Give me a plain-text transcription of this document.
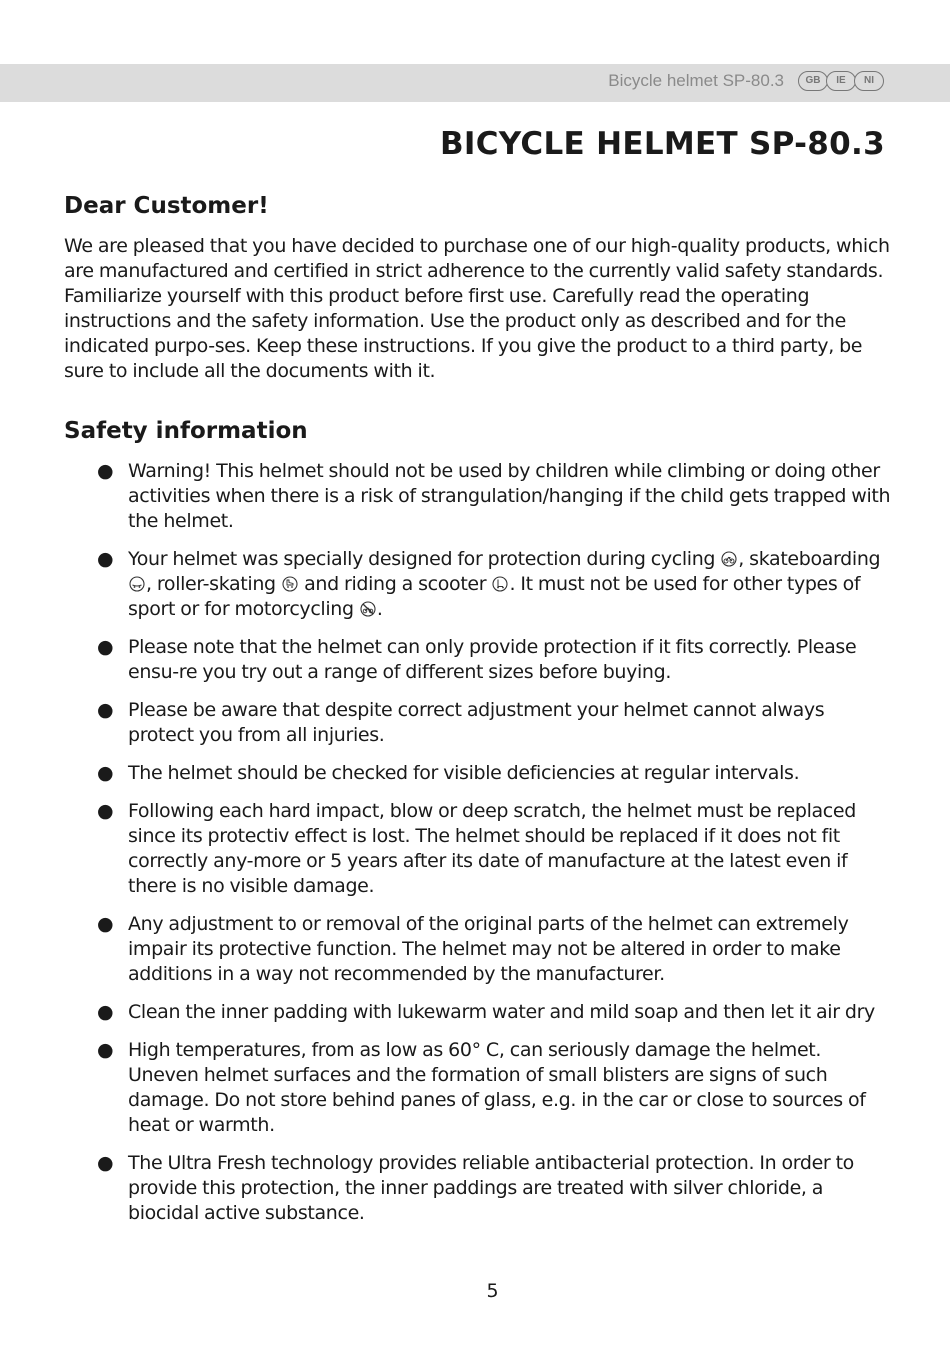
Bicycle helmet SP-80.3	GB	IE	NI
BICYCLE HELMET SP-80.3
Dear Customer!

We are pleased that you have decided to purchase one of our high-quality products, which are manufactured and certified in strict adherence to the currently valid safety standards. Familiarize yourself with this product before first use. Carefully read the operating instructions and the safety information. Use the product only as described and for the indicated purpo-ses. Keep these instructions. If you give the product to a third party, be sure to include all the documents with it.

Safety information
● Warning! This helmet should not be used by children while climbing or doing other activities when there is a risk of strangulation/hanging if the child gets trapped with the helmet.
● Your helmet was specially designed for protection during cycling , skateboarding , roller-skating  and riding a scooter . It must not be used for other types of sport or for motorcycling .
● Please note that the helmet can only provide protection if it fits correctly. Please ensu-re you try out a range of different sizes before buying.
● Please be aware that despite correct adjustment your helmet cannot always protect you from all injuries.
● The helmet should be checked for visible deficiencies at regular intervals.
● Following each hard impact, blow or deep scratch, the helmet must be replaced since its protectiv effect is lost. The helmet should be replaced if it does not fit correctly any-more or 5 years after its date of manufacture at the latest even if there is no visible damage.
● Any adjustment to or removal of the original parts of the helmet can extremely impair its protective function. The helmet may not be altered in order to make additions in a way not recommended by the manufacturer.
● Clean the inner padding with lukewarm water and mild soap and then let it air dry
● High temperatures, from as low as 60° C, can seriously damage the helmet. Uneven helmet surfaces and the formation of small blisters are signs of such damage. Do not store behind panes of glass, e.g. in the car or close to sources of heat or warmth.
● The Ultra Fresh technology provides reliable antibacterial protection. In order to provide this protection, the inner paddings are treated with silver chloride, a biocidal active substance.
5
